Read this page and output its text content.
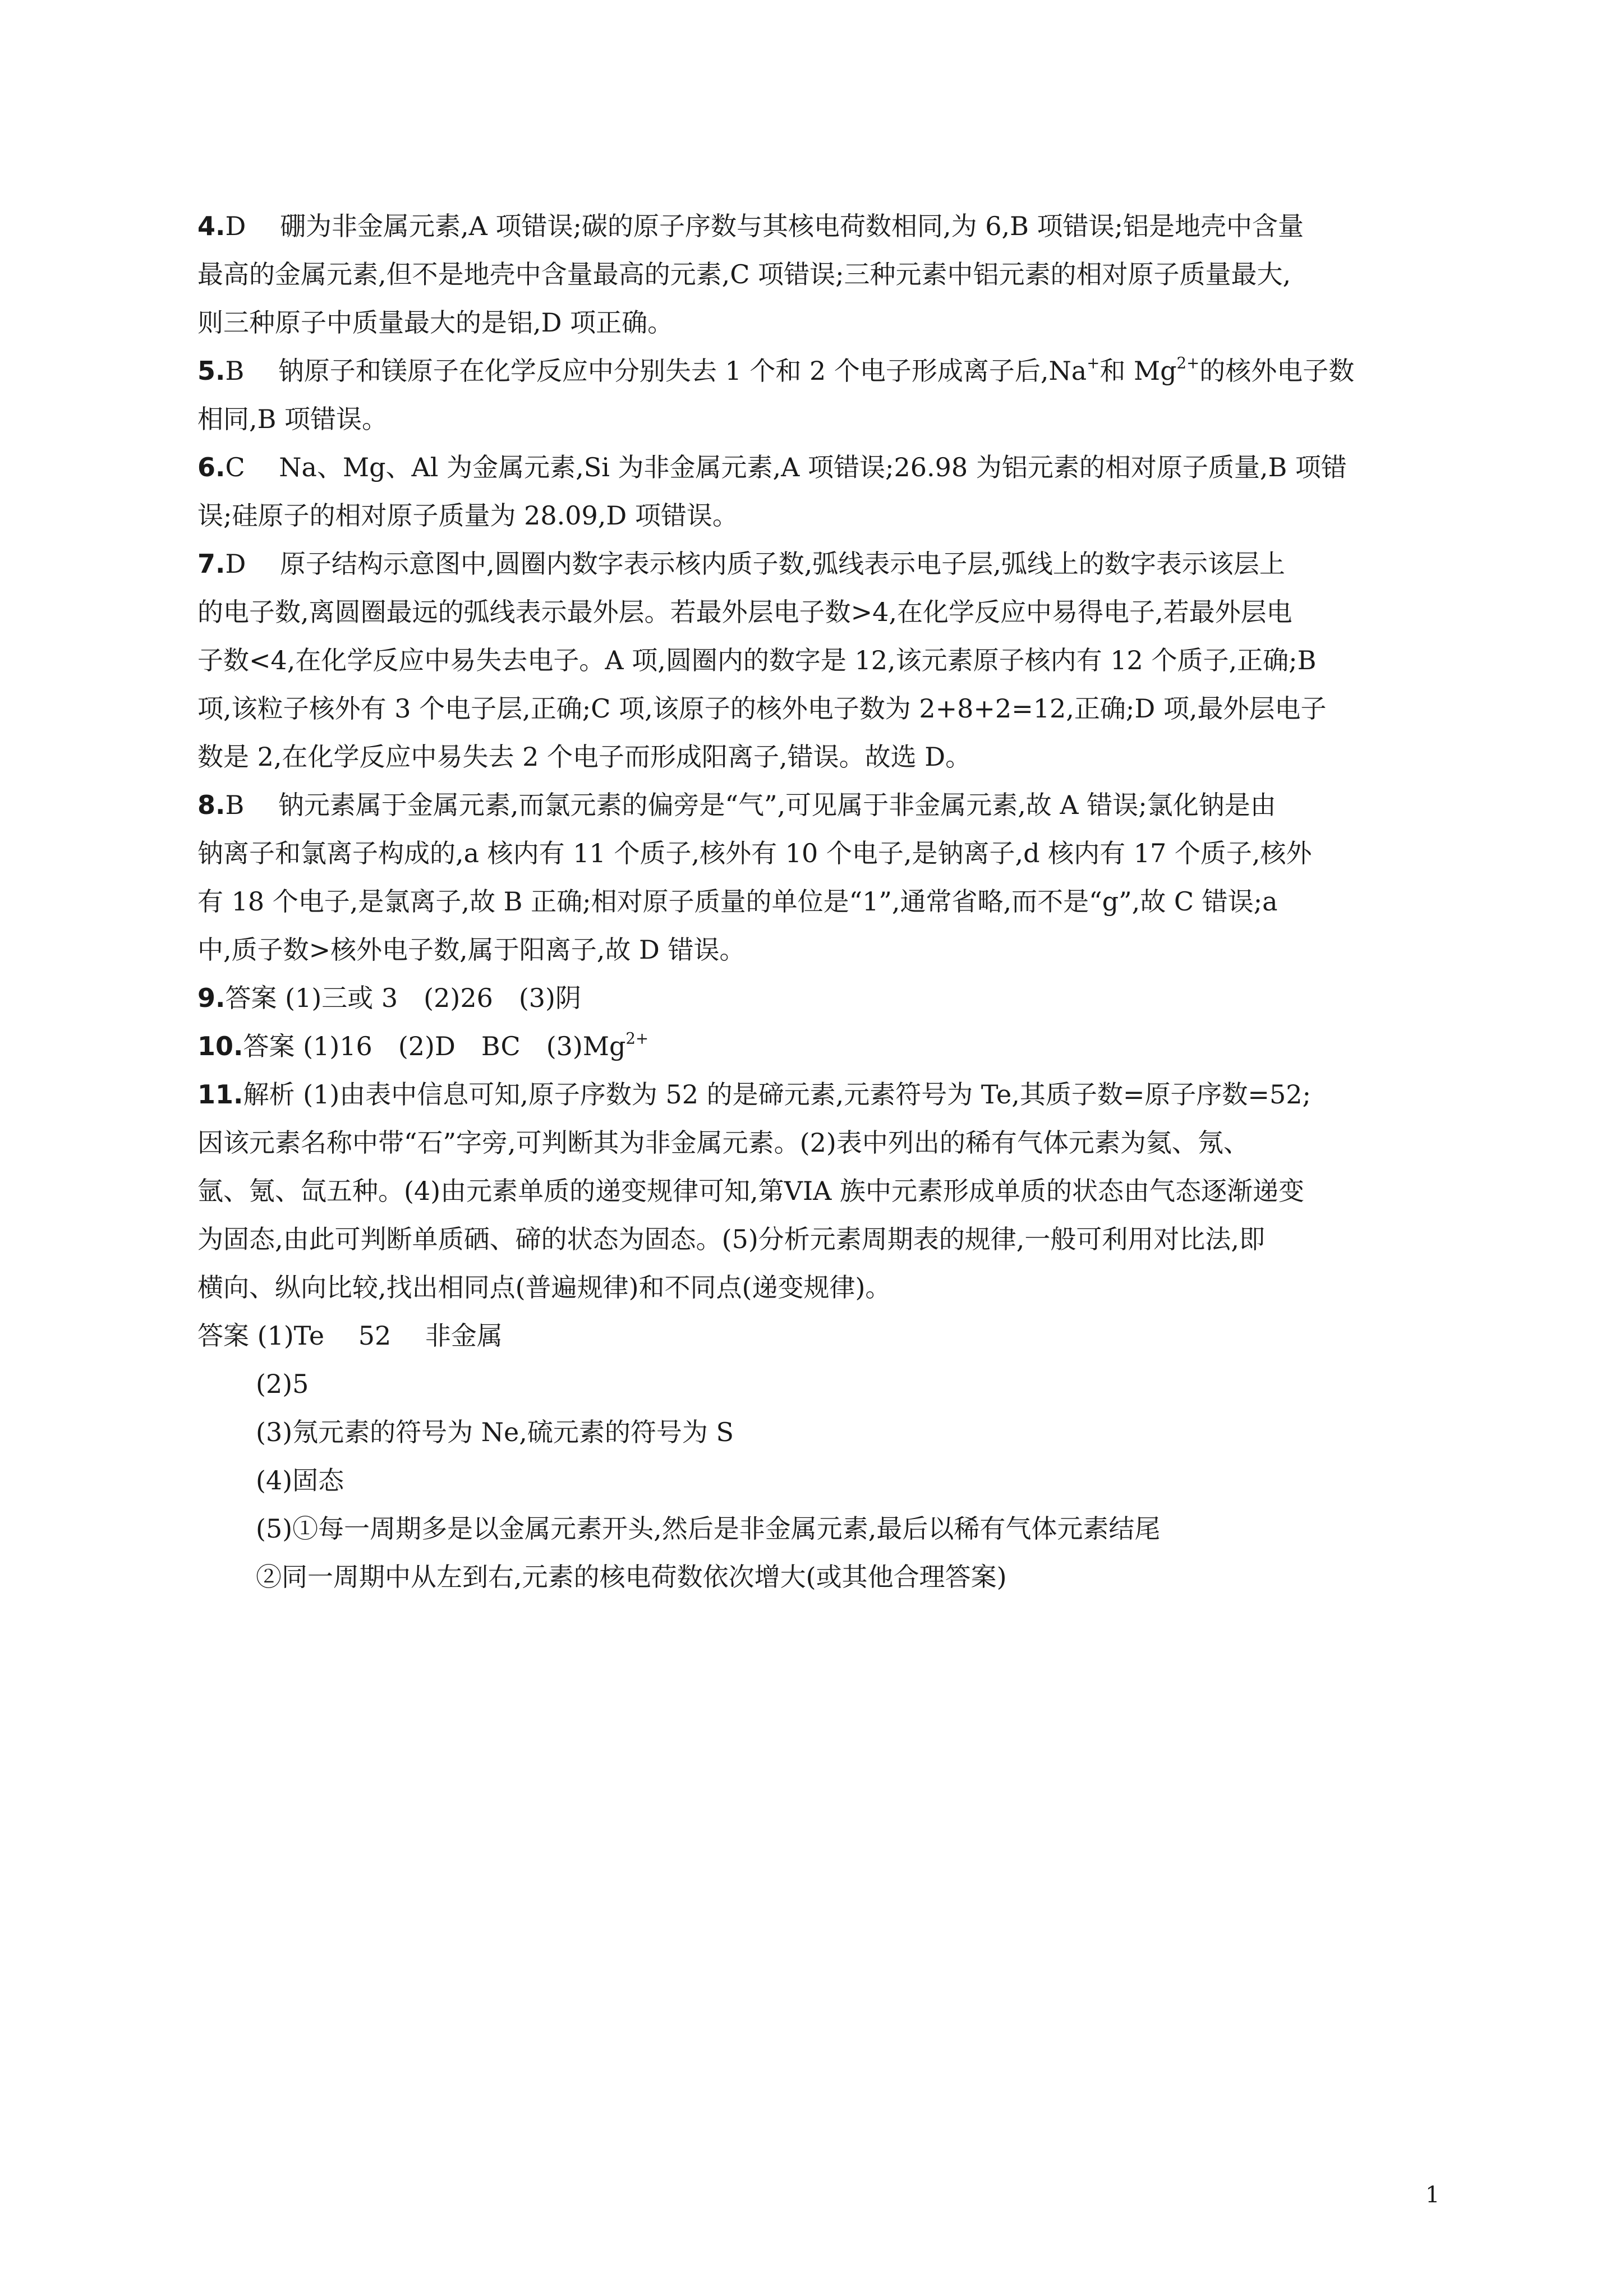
4.D　 硼为非金属元素,A 项错误;碳的原子序数与其核电荷数相同,为 6,B 项错误;铝是地壳中含量
最高的金属元素,但不是地壳中含量最高的元素,C 项错误;三种元素中铝元素的相对原子质量最大,
则三种原子中质量最大的是铝,D 项正确。
5.B　 钠原子和镁原子在化学反应中分别失去 1 个和 2 个电子形成离子后,Na+和 $Mg^{2+}$的核外电子数
相同,B 项错误。
6.C　 Na、Mg、Al 为金属元素,Si 为非金属元素,A 项错误;26.98 为铝元素的相对原子质量,B 项错
误;硅原子的相对原子质量为 28.09,D 项错误。
7.D　 原子结构示意图中,圆圈内数字表示核内质子数,弧线表示电子层,弧线上的数字表示该层上
的电子数,离圆圈最远的弧线表示最外层。若最外层电子数>4,在化学反应中易得电子,若最外层电
子数<4,在化学反应中易失去电子。A 项,圆圈内的数字是 12,该元素原子核内有 12 个质子,正确;B
项,该粒子核外有 3 个电子层,正确;C 项,该原子的核外电子数为 2+8+2=12,正确;D 项,最外层电子
数是 2,在化学反应中易失去 2 个电子而形成阳离子,错误。故选 D。
8.B　 钠元素属于金属元素,而氯元素的偏旁是“气”,可见属于非金属元素,故 A 错误;氯化钠是由
钠离子和氯离子构成的,a 核内有 11 个质子,核外有 10 个电子,是钠离子,d 核内有 17 个质子,核外
有 18 个电子,是氯离子,故 B 正确;相对原子质量的单位是“1”,通常省略,而不是“g”,故 C 错误;a
中,质子数>核外电子数,属于阳离子,故 D 错误。
9.答案 (1)三或 3　(2)26　(3)阴
10.答案 (1)16　(2)D　BC　$(3)Mg^{2+}$
11.解析 (1)由表中信息可知,原子序数为 52 的是碲元素,元素符号为 Te,其质子数=原子序数=52;
因该元素名称中带“石”字旁,可判断其为非金属元素。(2)表中列出的稀有气体元素为氦、氖、
氩、氪、氙五种。(4)由元素单质的递变规律可知,第VIA 族中元素形成单质的状态由气态逐渐递变
为固态,由此可判断单质硒、碲的状态为固态。(5)分析元素周期表的规律,一般可利用对比法,即
横向、纵向比较,找出相同点(普遍规律)和不同点(递变规律)。
答案 (1)Te　 52　 非金属
(2)5
(3)氖元素的符号为 Ne,硫元素的符号为 S
(4)固态
(5)①每一周期多是以金属元素开头,然后是非金属元素,最后以稀有气体元素结尾
②同一周期中从左到右,元素的核电荷数依次增大(或其他合理答案)
1
